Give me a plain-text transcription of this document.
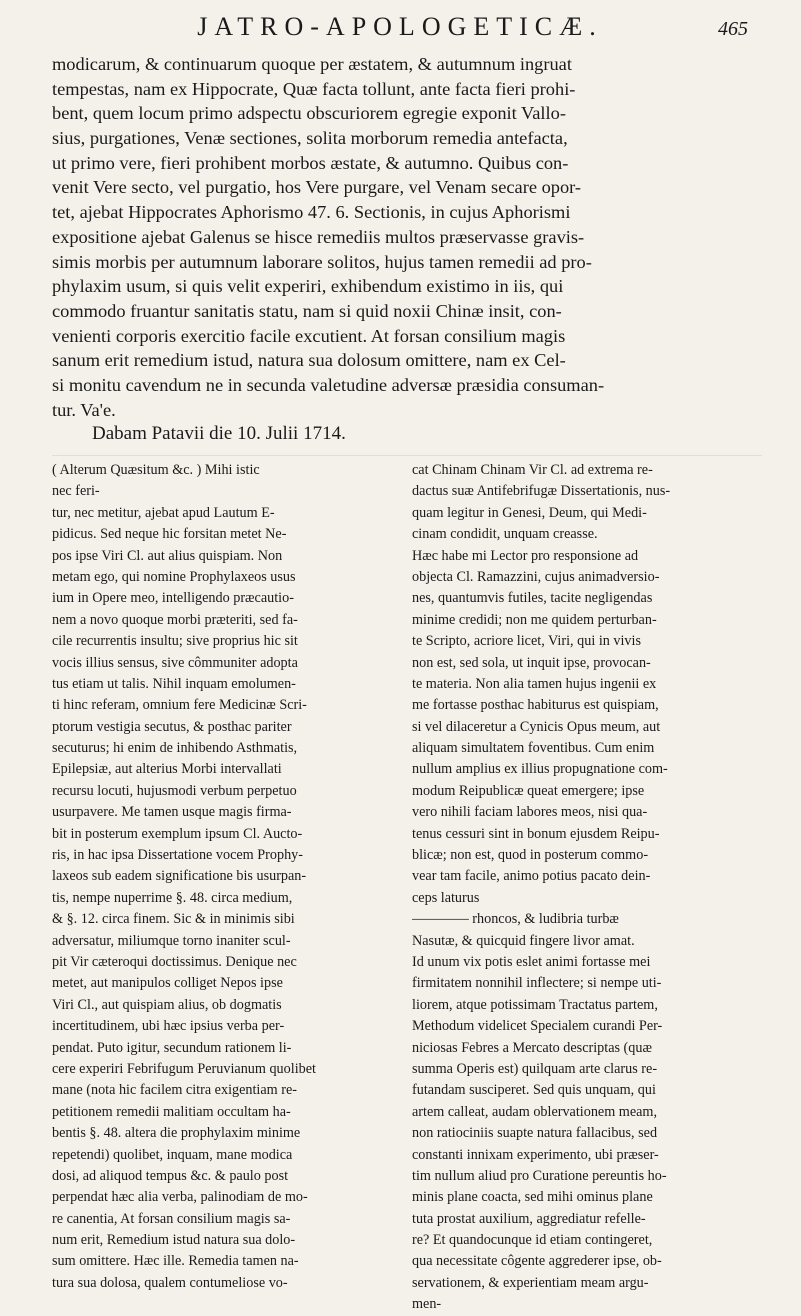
JATRO-APOLOGETICÆ.	465
modicarum, & continuarum quoque per æstatem, & autumnum ingruat
tempestas, nam ex Hippocrate, Quæ facta tollunt, ante facta fieri prohi-
bent, quem locum primo adspectu obscuriorem egregie exponit Vallo-
sius, purgationes, Venæ sectiones, solita morborum remedia antefacta,
ut primo vere, fieri prohibent morbos æstate, & autumno. Quibus con-
venit Vere secto, vel purgatio, hos Vere purgare, vel Venam secare opor-
tet, ajebat Hippocrates Aphorismo 47. 6. Sectionis, in cujus Aphorismi
expositione ajebat Galenus se hisce remediis multos præservasse gravis-
simis morbis per autumnum laborare solitos, hujus tamen remedii ad pro-
phylaxim usum, si quis velit experiri, exhibendum existimo in iis, qui
commodo fruantur sanitatis statu, nam si quid noxii Chinæ insit, con-
venienti corporis exercitio facile excutient. At forsan consilium magis
sanum erit remedium istud, natura sua dolosum omittere, nam ex Cel-
si monitu cavendum ne in secunda valetudine adversæ præsidia consuman-
tur. Va'e.
Dabam Patavii die 10. Julii 1714.
( Alterum Quæsitum &c. ) Mihi istic
nec feri-
tur, nec metitur, ajebat apud Lautum E-
pidicus. Sed neque hic forsitan metet Ne-
pos ipse Viri Cl. aut alius quispiam. Non
metam ego, qui nomine Prophylaxeos usus
ium in Opere meo, intelligendo præcautio-
nem a novo quoque morbi præteriti, sed fa-
cile recurrentis insultu; sive proprius hic sit
vocis illius sensus, sive cômmuniter adopta
tus etiam ut talis. Nihil inquam emolumen-
ti hinc referam, omnium fere Medicinæ Scri-
ptorum vestigia secutus, & posthac pariter
secuturus; hi enim de inhibendo Asthmatis,
Epilepsiæ, aut alterius Morbi intervallati
recursu locuti, hujusmodi verbum perpetuo
usurpavere. Me tamen usque magis firma-
bit in posterum exemplum ipsum Cl. Aucto-
ris, in hac ipsa Dissertatione vocem Prophy-
laxeos sub eadem significatione bis usurpan-
tis, nempe nuperrime §. 48. circa medium,
& §. 12. circa finem. Sic & in minimis sibi
adversatur, miliumque torno inaniter scul-
pit Vir cæteroqui doctissimus. Denique nec
metet, aut manipulos colliget Nepos ipse
Viri Cl., aut quispiam alius, ob dogmatis
incertitudinem, ubi hæc ipsius verba per-
pendat. Puto igitur, secundum rationem li-
cere experiri Febrifugum Peruvianum quolibet
mane (nota hic facilem citra exigentiam re-
petitionem remedii malitiam occultam ha-
bentis §. 48. altera die prophylaxim minime
repetendi) quolibet, inquam, mane modica
dosi, ad aliquod tempus &c. & paulo post
perpendat hæc alia verba, palinodiam de mo-
re canentia, At forsan consilium magis sa-
num erit, Remedium istud natura sua dolo-
sum omittere. Hæc ille. Remedia tamen na-
tura sua dolosa, qualem contumeliose vo-
cat Chinam Chinam Vir Cl. ad extrema re-
dactus suæ Antifebrifugæ Dissertationis, nus-
quam legitur in Genesi, Deum, qui Medi-
cinam condidit, unquam creasse.
Hæc habe mi Lector pro responsione ad
objecta Cl. Ramazzini, cujus animadversio-
nes, quantumvis futiles, tacite negligendas
minime credidi; non me quidem perturban-
te Scripto, acriore licet, Viri, qui in vivis
non est, sed sola, ut inquit ipse, provocan-
te materia. Non alia tamen hujus ingenii ex
me fortasse posthac habiturus est quispiam,
si vel dilaceretur a Cynicis Opus meum, aut
aliquam simultatem foventibus. Cum enim
nullum amplius ex illius propugnatione com-
modum Reipublicæ queat emergere; ipse
vero nihili faciam labores meos, nisi qua-
tenus cessuri sint in bonum ejusdem Reipu-
blicæ; non est, quod in posterum commo-
vear tam facile, animo potius pacato dein-
ceps laturus
———— rhoncos, & ludibria turbæ
Nasutæ, & quicquid fingere livor amat.
Id unum vix potis eslet animi fortasse mei
firmitatem nonnihil inflectere; si nempe uti-
liorem, atque potissimam Tractatus partem,
Methodum videlicet Specialem curandi Per-
niciosas Febres a Mercato descriptas (quæ
summa Operis est) quilquam arte clarus re-
futandam susciperet. Sed quis unquam, qui
artem calleat, audam oblervationem meam,
non ratiociniis suapte natura fallacibus, sed
constanti innixam experimento, ubi præser-
tim nullum aliud pro Curatione pereuntis ho-
minis plane coacta, sed mihi ominus plane
tuta prostat auxilium, aggrediatur refelle-
re? Et quandocunque id etiam contingeret,
qua necessitate côgente aggrederer ipse, ob-
servationem, & experientiam meam argu-
men-
